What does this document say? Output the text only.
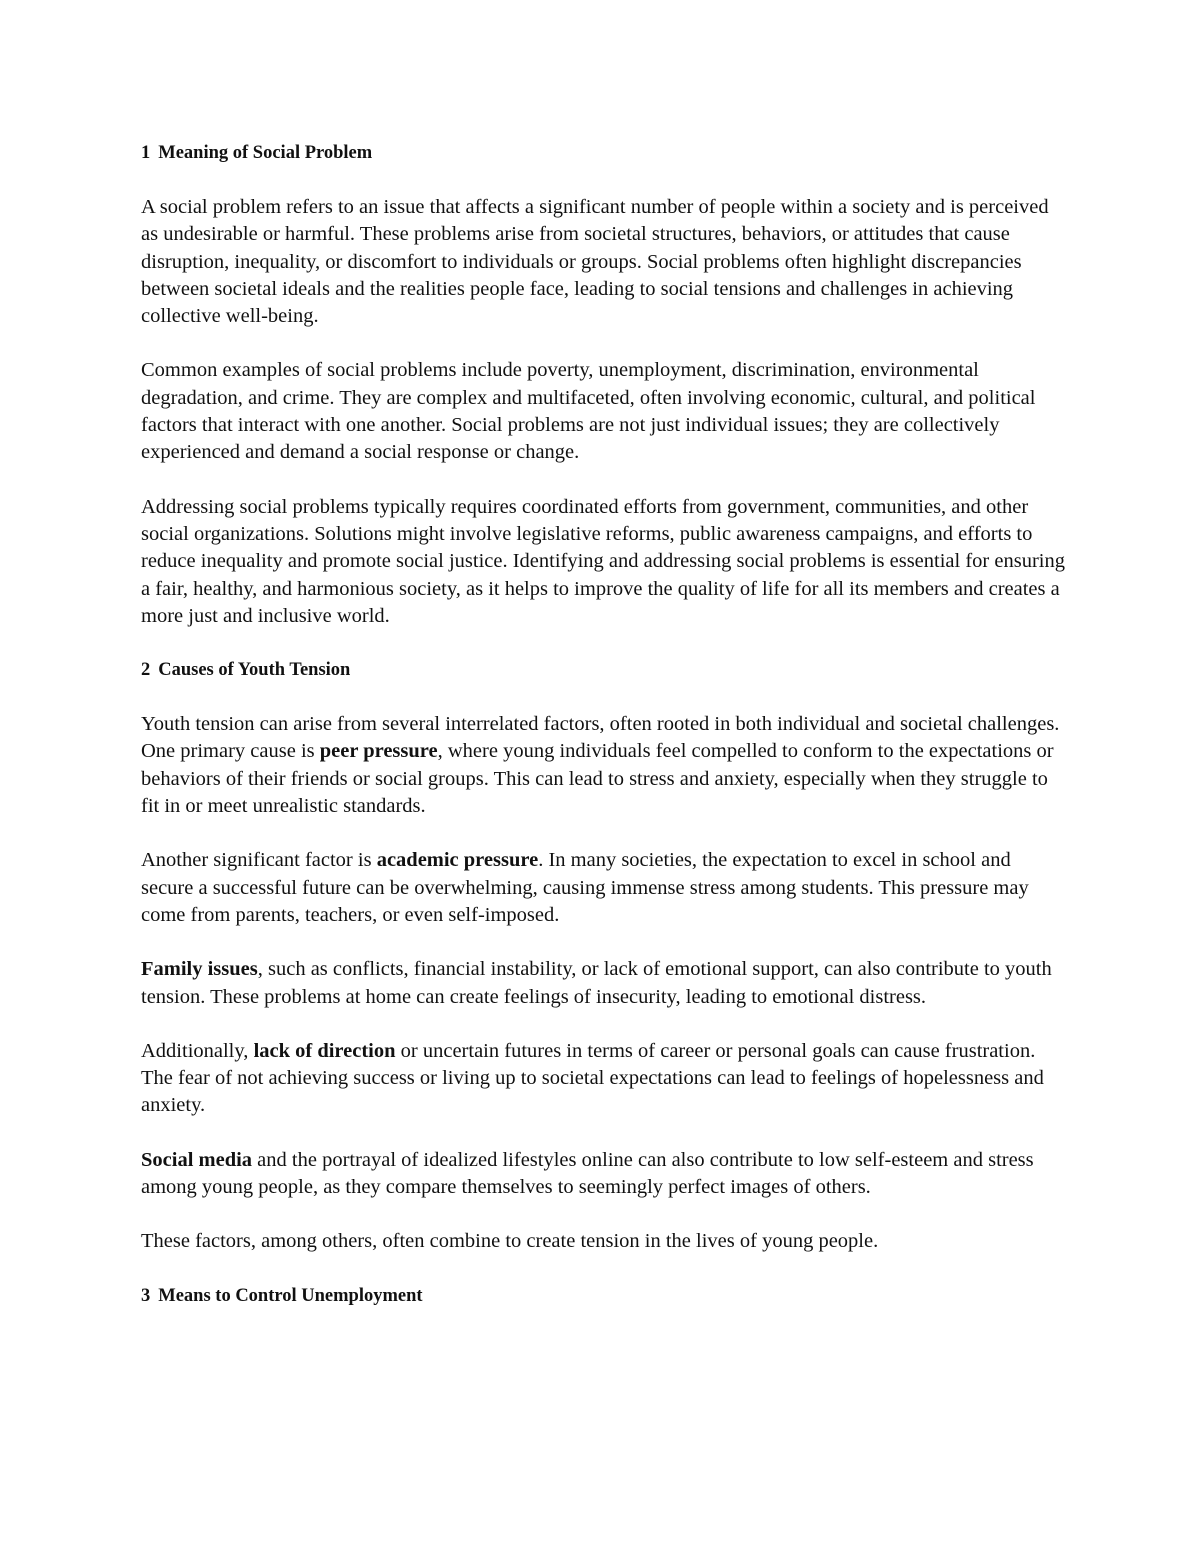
1 Meaning of Social Problem
A social problem refers to an issue that affects a significant number of people within a society and is perceived as undesirable or harmful. These problems arise from societal structures, behaviors, or attitudes that cause disruption, inequality, or discomfort to individuals or groups. Social problems often highlight discrepancies between societal ideals and the realities people face, leading to social tensions and challenges in achieving collective well-being.
Common examples of social problems include poverty, unemployment, discrimination, environmental degradation, and crime. They are complex and multifaceted, often involving economic, cultural, and political factors that interact with one another. Social problems are not just individual issues; they are collectively experienced and demand a social response or change.
Addressing social problems typically requires coordinated efforts from government, communities, and other social organizations. Solutions might involve legislative reforms, public awareness campaigns, and efforts to reduce inequality and promote social justice. Identifying and addressing social problems is essential for ensuring a fair, healthy, and harmonious society, as it helps to improve the quality of life for all its members and creates a more just and inclusive world.
2 Causes of Youth Tension
Youth tension can arise from several interrelated factors, often rooted in both individual and societal challenges. One primary cause is peer pressure, where young individuals feel compelled to conform to the expectations or behaviors of their friends or social groups. This can lead to stress and anxiety, especially when they struggle to fit in or meet unrealistic standards.
Another significant factor is academic pressure. In many societies, the expectation to excel in school and secure a successful future can be overwhelming, causing immense stress among students. This pressure may come from parents, teachers, or even self-imposed.
Family issues, such as conflicts, financial instability, or lack of emotional support, can also contribute to youth tension. These problems at home can create feelings of insecurity, leading to emotional distress.
Additionally, lack of direction or uncertain futures in terms of career or personal goals can cause frustration. The fear of not achieving success or living up to societal expectations can lead to feelings of hopelessness and anxiety.
Social media and the portrayal of idealized lifestyles online can also contribute to low self-esteem and stress among young people, as they compare themselves to seemingly perfect images of others.
These factors, among others, often combine to create tension in the lives of young people.
3 Means to Control Unemployment
